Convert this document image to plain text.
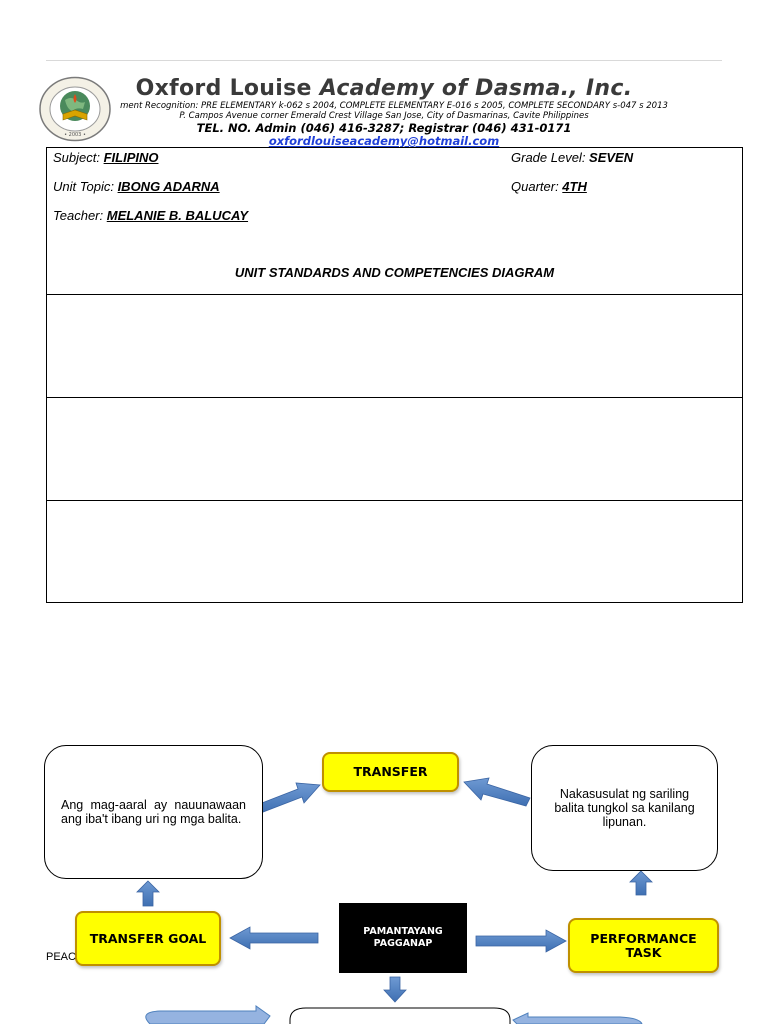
• 2003 •
Oxford Louise Academy of Dasma., Inc.
ment Recognition: PRE ELEMENTARY k-062 s 2004, COMPLETE ELEMENTARY E-016 s 2005, COMPLETE SECONDARY s-047 s 2013
P. Campos Avenue corner Emerald Crest Village San Jose, City of Dasmarinas, Cavite Philippines
TEL. NO. Admin (046) 416-3287; Registrar (046) 431-0171
oxfordlouiseacademy@hotmail.com
Subject: FILIPINO	Grade Level: SEVEN
Unit Topic: IBONG ADARNA	Quarter: 4TH
Teacher: MELANIE B. BALUCAY
UNIT STANDARDS AND COMPETENCIES DIAGRAM
Ang mag-aaral ay nauunawaan ang iba't ibang uri ng mga balita.
TRANSFER
Nakasusulat ng sariling balita tungkol sa kanilang lipunan.
TRANSFER GOAL	PAMANTAYANG PAGGANAP	PERFORMANCE TASK
PEAC
